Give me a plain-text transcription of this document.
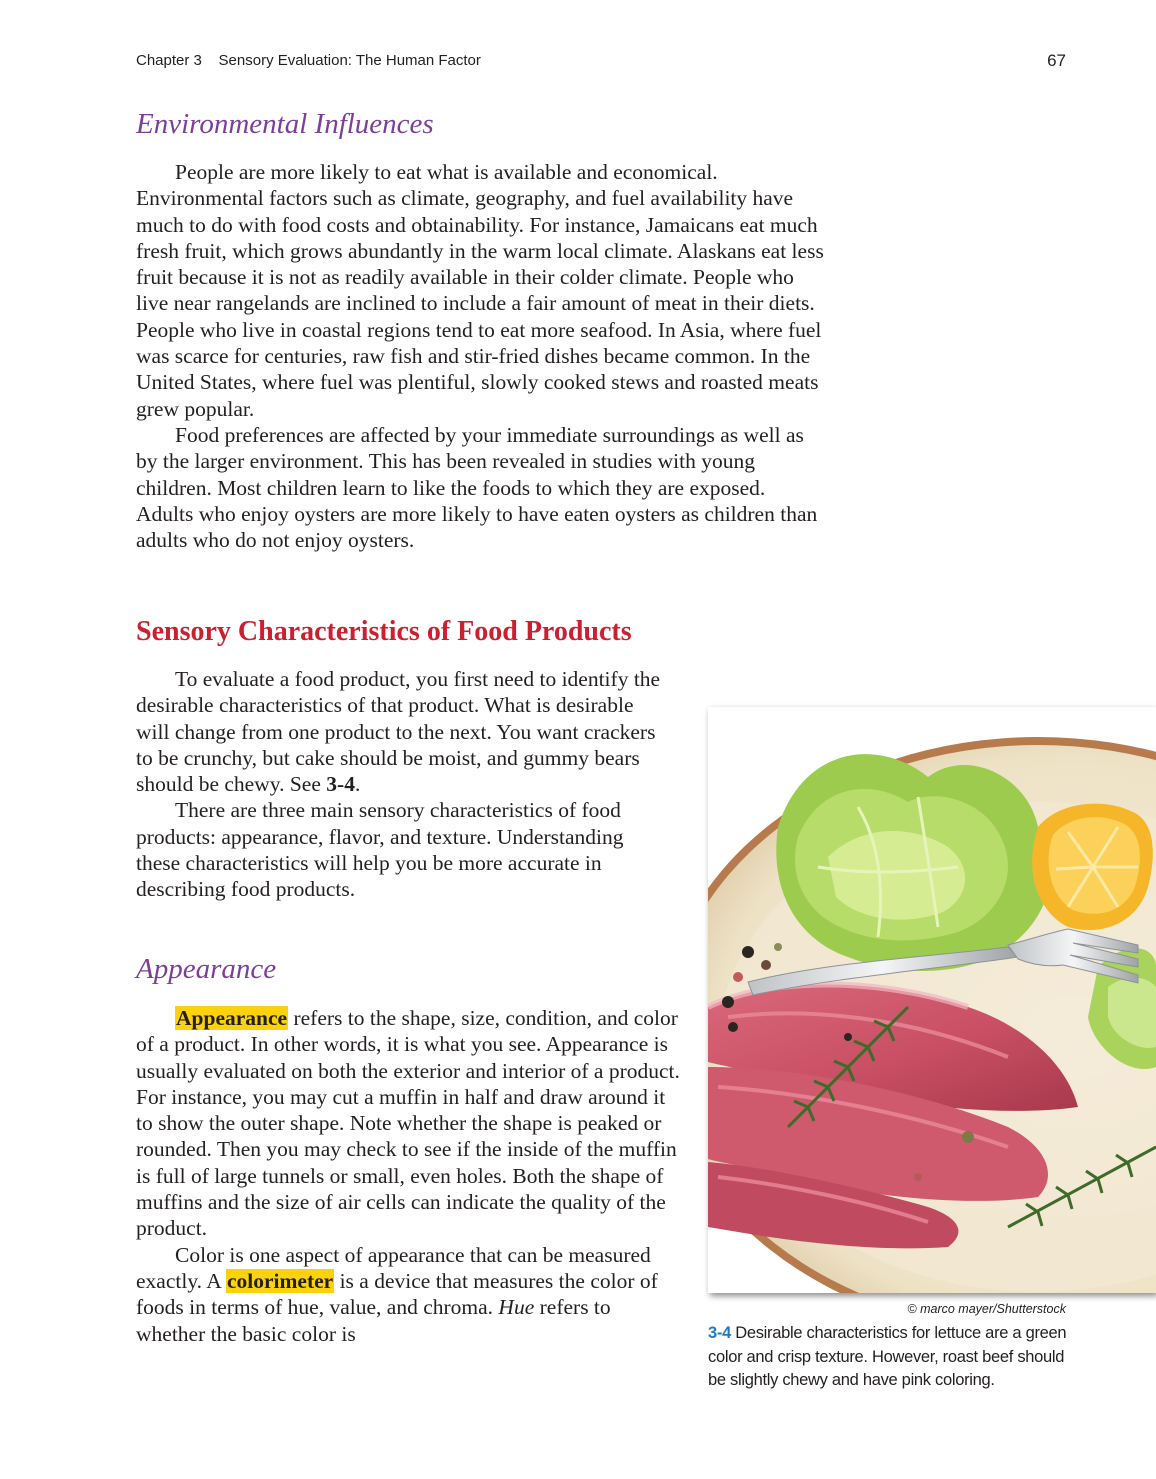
Chapter 3    Sensory Evaluation: The Human Factor	67
Environmental Influences

People are more likely to eat what is available and economical. Environmental factors such as climate, geography, and fuel availability have much to do with food costs and obtainability. For instance, Jamaicans eat much fresh fruit, which grows abundantly in the warm local climate. Alaskans eat less fruit because it is not as readily available in their colder climate. People who live near rangelands are inclined to include a fair amount of meat in their diets. People who live in coastal regions tend to eat more seafood. In Asia, where fuel was scarce for centuries, raw fish and stir-fried dishes became common. In the United States, where fuel was plentiful, slowly cooked stews and roasted meats grew popular.

Food preferences are affected by your immediate surroundings as well as by the larger environment. This has been revealed in studies with young children. Most children learn to like the foods to which they are exposed. Adults who enjoy oysters are more likely to have eaten oysters as children than adults who do not enjoy oysters.

Sensory Characteristics of Food Products

To evaluate a food product, you first need to identify the desirable characteristics of that product. What is desirable will change from one product to the next. You want crackers to be crunchy, but cake should be moist, and gummy bears should be chewy. See 3-4.

There are three main sensory characteristics of food products: appearance, flavor, and texture. Understanding these characteristics will help you be more accurate in describing food products.

Appearance

Appearance refers to the shape, size, condition, and color of a product. In other words, it is what you see. Appearance is usually evaluated on both the exterior and interior of a product. For instance, you may cut a muffin in half and draw around it to show the outer shape. Note whether the shape is peaked or rounded. Then you may check to see if the inside of the muffin is full of large tunnels or small, even holes. Both the shape of muffins and the size of air cells can indicate the quality of the product.

Color is one aspect of appearance that can be measured exactly. A colorimeter is a device that measures the color of foods in terms of hue, value, and chroma. Hue refers to whether the basic color is

© marco mayer/Shutterstock
3-4 Desirable characteristics for lettuce are a green color and crisp texture. However, roast beef should be slightly chewy and have pink coloring.
